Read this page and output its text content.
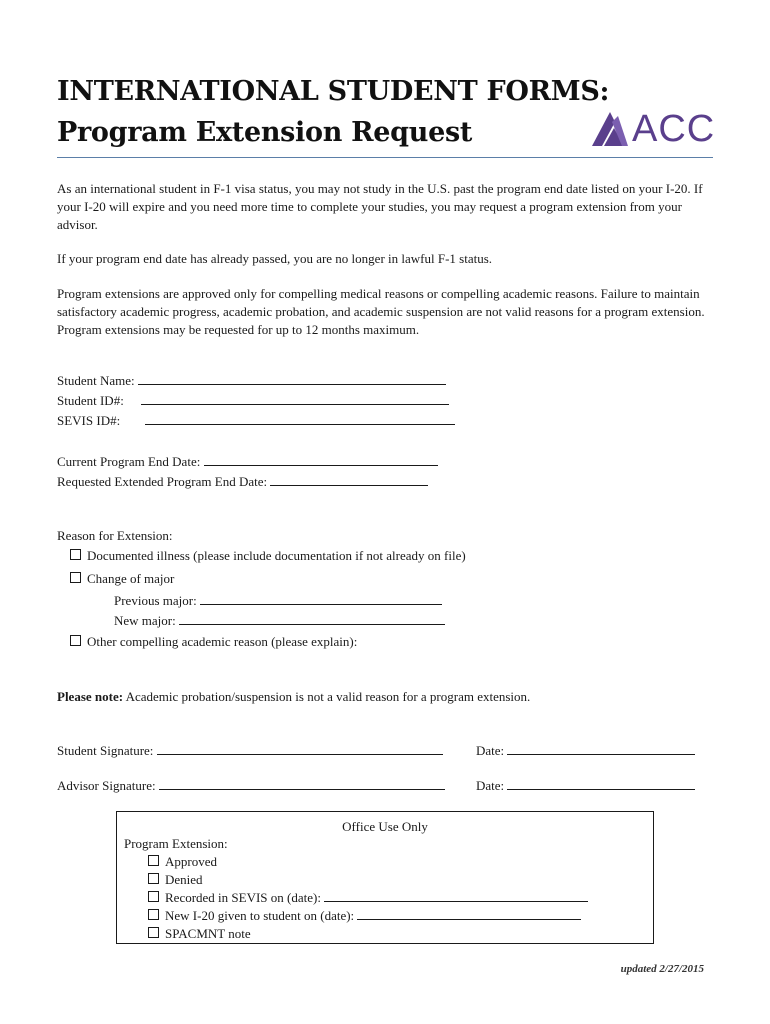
INTERNATIONAL STUDENT FORMS:
Program Extension Request	ACC
As an international student in F-1 visa status, you may not study in the U.S. past the program end date listed on your I-20. If your I-20 will expire and you need more time to complete your studies, you may request a program extension from your advisor.
If your program end date has already passed, you are no longer in lawful F-1 status.
Program extensions are approved only for compelling medical reasons or compelling academic reasons. Failure to maintain satisfactory academic progress, academic probation, and academic suspension are not valid reasons for a program extension. Program extensions may be requested for up to 12 months maximum.
Student Name:
Student ID#:
SEVIS ID#:
Current Program End Date:
Requested Extended Program End Date:
Reason for Extension:
Documented illness (please include documentation if not already on file)
Change of major
Previous major:
New major:
Other compelling academic reason (please explain):
Please note: Academic probation/suspension is not a valid reason for a program extension.
Student Signature:	Date:
Advisor Signature:	Date:
Office Use Only
Program Extension:
Approved
Denied
Recorded in SEVIS on (date):
New I-20 given to student on (date):
SPACMNT note
updated 2/27/2015
